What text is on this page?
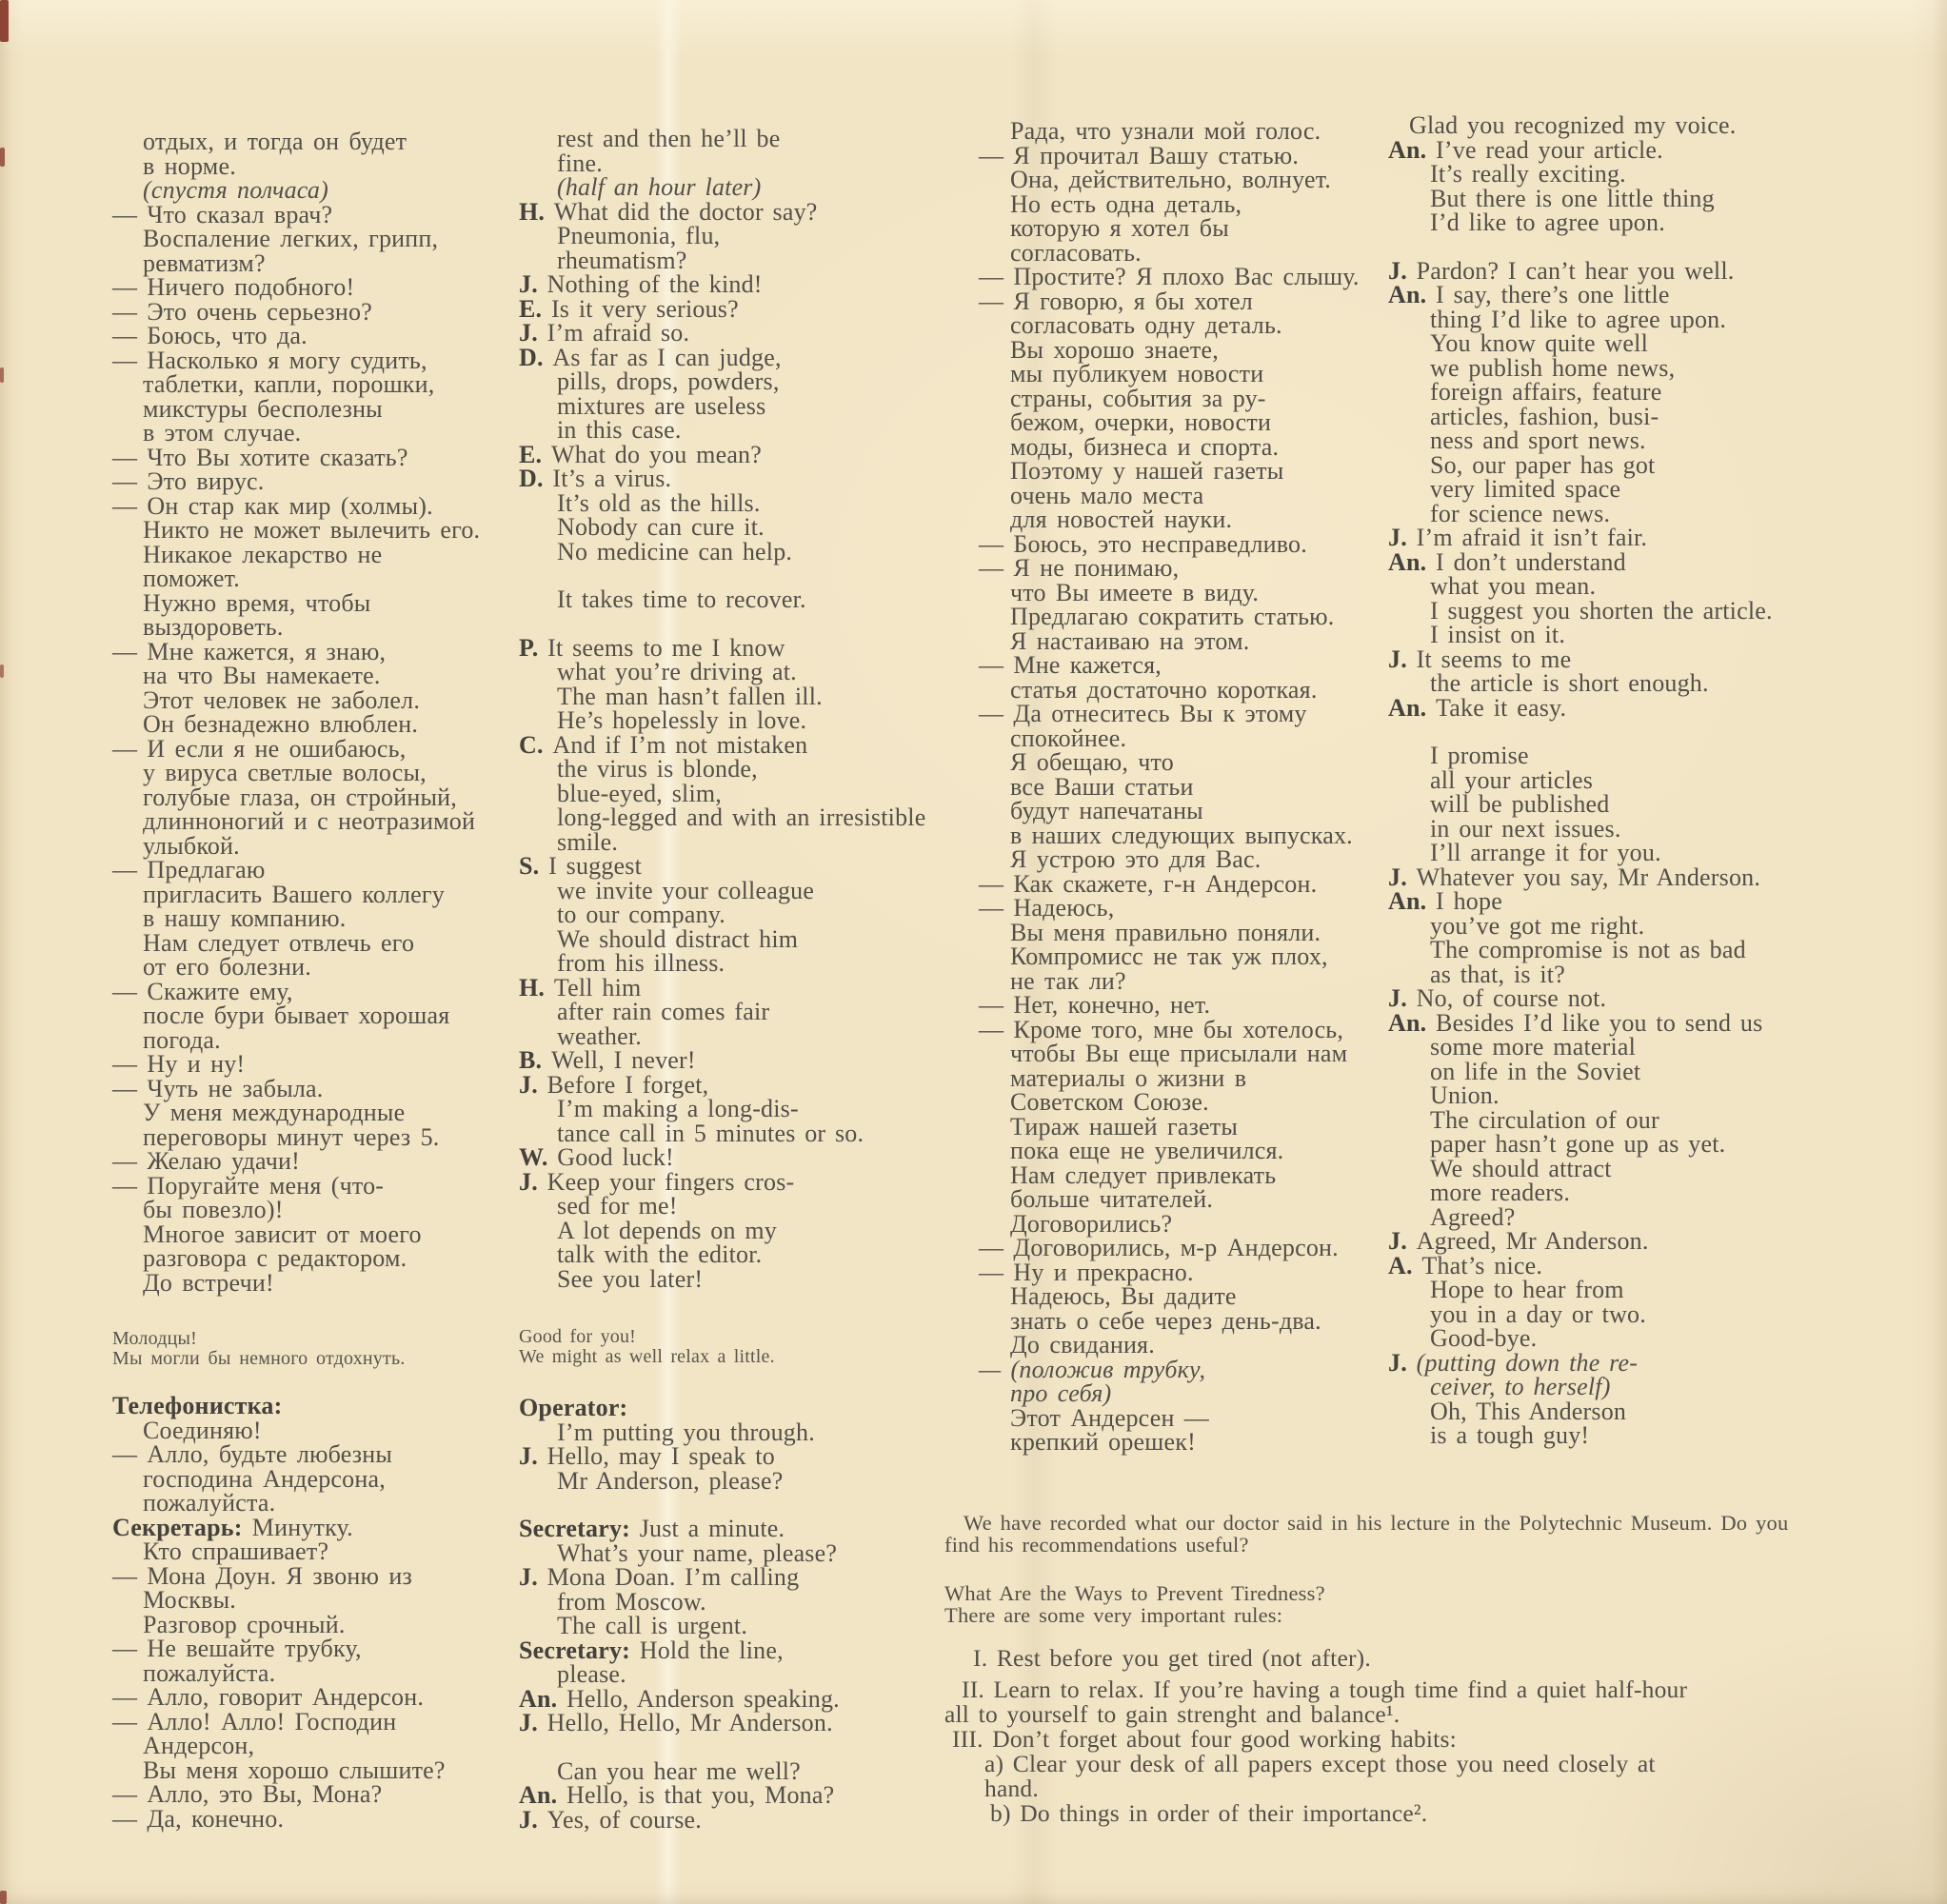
отдых, и тогда он будет
в норме.
(спустя полчаса)
— Что сказал врач?
Воспаление легких, грипп,
ревматизм?
— Ничего подобного!
— Это очень серьезно?
— Боюсь, что да.
— Насколько я могу судить,
таблетки, капли, порошки,
микстуры бесполезны
в этом случае.
— Что Вы хотите сказать?
— Это вирус.
— Он стар как мир (холмы).
Никто не может вылечить его.
Никакое лекарство не
поможет.
Нужно время, чтобы
выздороветь.
— Мне кажется, я знаю,
на что Вы намекаете.
Этот человек не заболел.
Он безнадежно влюблен.
— И если я не ошибаюсь,
у вируса светлые волосы,
голубые глаза, он стройный,
длинноногий и с неотразимой
улыбкой.
— Предлагаю
пригласить Вашего коллегу
в нашу компанию.
Нам следует отвлечь его
от его болезни.
— Скажите ему,
после бури бывает хорошая
погода.
— Ну и ну!
— Чуть не забыла.
У меня международные
переговоры минут через 5.
— Желаю удачи!
— Поругайте меня (что-
бы повезло)!
Многое зависит от моего
разговора с редактором.
До встречи!
Молодцы!
Мы могли бы немного отдохнуть.
Телефонистка:
Соединяю!
— Алло, будьте любезны
господина Андерсона,
пожалуйста.
Секретарь: Минутку.
Кто спрашивает?
— Мона Доун. Я звоню из
Москвы.
Разговор срочный.
— Не вешайте трубку,
пожалуйста.
— Алло, говорит Андерсон.
— Алло! Алло! Господин
Андерсон,
Вы меня хорошо слышите?
— Алло, это Вы, Мона?
— Да, конечно.
rest and then he’ll be
fine.
(half an hour later)
H. What did the doctor say?
Pneumonia, flu,
rheumatism?
J. Nothing of the kind!
E. Is it very serious?
J. I’m afraid so.
D. As far as I can judge,
pills, drops, powders,
mixtures are useless
in this case.
E. What do you mean?
D. It’s a virus.
It’s old as the hills.
Nobody can cure it.
No medicine can help.
It takes time to recover.
P. It seems to me I know
what you’re driving at.
The man hasn’t fallen ill.
He’s hopelessly in love.
C. And if I’m not mistaken
the virus is blonde,
blue-eyed, slim,
long-legged and with an irresistible
smile.
S. I suggest
we invite your colleague
to our company.
We should distract him
from his illness.
H. Tell him
after rain comes fair
weather.
B. Well, I never!
J. Before I forget,
I’m making a long-dis-
tance call in 5 minutes or so.
W. Good luck!
J. Keep your fingers cros-
sed for me!
A lot depends on my
talk with the editor.
See you later!
Good for you!
We might as well relax a little.
Operator:
I’m putting you through.
J. Hello, may I speak to
Mr Anderson, please?
Secretary: Just a minute.
What’s your name, please?
J. Mona Doan. I’m calling
from Moscow.
The call is urgent.
Secretary: Hold the line,
please.
An. Hello, Anderson speaking.
J. Hello, Hello, Mr Anderson.
Can you hear me well?
An. Hello, is that you, Mona?
J. Yes, of course.
Рада, что узнали мой голос.
— Я прочитал Вашу статью.
Она, действительно, волнует.
Но есть одна деталь,
которую я хотел бы
согласовать.
— Простите? Я плохо Вас слышу.
— Я говорю, я бы хотел
согласовать одну деталь.
Вы хорошо знаете,
мы публикуем новости
страны, события за ру-
бежом, очерки, новости
моды, бизнеса и спорта.
Поэтому у нашей газеты
очень мало места
для новостей науки.
— Боюсь, это несправедливо.
— Я не понимаю,
что Вы имеете в виду.
Предлагаю сократить статью.
Я настаиваю на этом.
— Мне кажется,
статья достаточно короткая.
— Да отнеситесь Вы к этому
спокойнее.
Я обещаю, что
все Ваши статьи
будут напечатаны
в наших следующих выпусках.
Я устрою это для Вас.
— Как скажете, г-н Андерсон.
— Надеюсь,
Вы меня правильно поняли.
Компромисс не так уж плох,
не так ли?
— Нет, конечно, нет.
— Кроме того, мне бы хотелось,
чтобы Вы еще присылали нам
материалы о жизни в
Советском Союзе.
Тираж нашей газеты
пока еще не увеличился.
Нам следует привлекать
больше читателей.
Договорились?
— Договорились, м-р Андерсон.
— Ну и прекрасно.
Надеюсь, Вы дадите
знать о себе через день-два.
До свидания.
— (положив трубку,
про себя)
Этот Андерсен —
крепкий орешек!
Glad you recognized my voice.
An. I’ve read your article.
It’s really exciting.
But there is one little thing
I’d like to agree upon.
J. Pardon? I can’t hear you well.
An. I say, there’s one little
thing I’d like to agree upon.
You know quite well
we publish home news,
foreign affairs, feature
articles, fashion, busi-
ness and sport news.
So, our paper has got
very limited space
for science news.
J. I’m afraid it isn’t fair.
An. I don’t understand
what you mean.
I suggest you shorten the article.
I insist on it.
J. It seems to me
the article is short enough.
An. Take it easy.
I promise
all your articles
will be published
in our next issues.
I’ll arrange it for you.
J. Whatever you say, Mr Anderson.
An. I hope
you’ve got me right.
The compromise is not as bad
as that, is it?
J. No, of course not.
An. Besides I’d like you to send us
some more material
on life in the Soviet
Union.
The circulation of our
paper hasn’t gone up as yet.
We should attract
more readers.
Agreed?
J. Agreed, Mr Anderson.
A. That’s nice.
Hope to hear from
you in a day or two.
Good-bye.
J. (putting down the re-
ceiver, to herself)
Oh, This Anderson
is a tough guy!
We have recorded what our doctor said in his lecture in the Polytechnic Museum. Do you
find his recommendations useful?
What Are the Ways to Prevent Tiredness?
There are some very important rules:
I. Rest before you get tired (not after).
II. Learn to relax. If you’re having a tough time find a quiet half-hour
all to yourself to gain strenght and balance¹.
III. Don’t forget about four good working habits:
a) Clear your desk of all papers except those you need closely at
hand.
b) Do things in order of their importance².
